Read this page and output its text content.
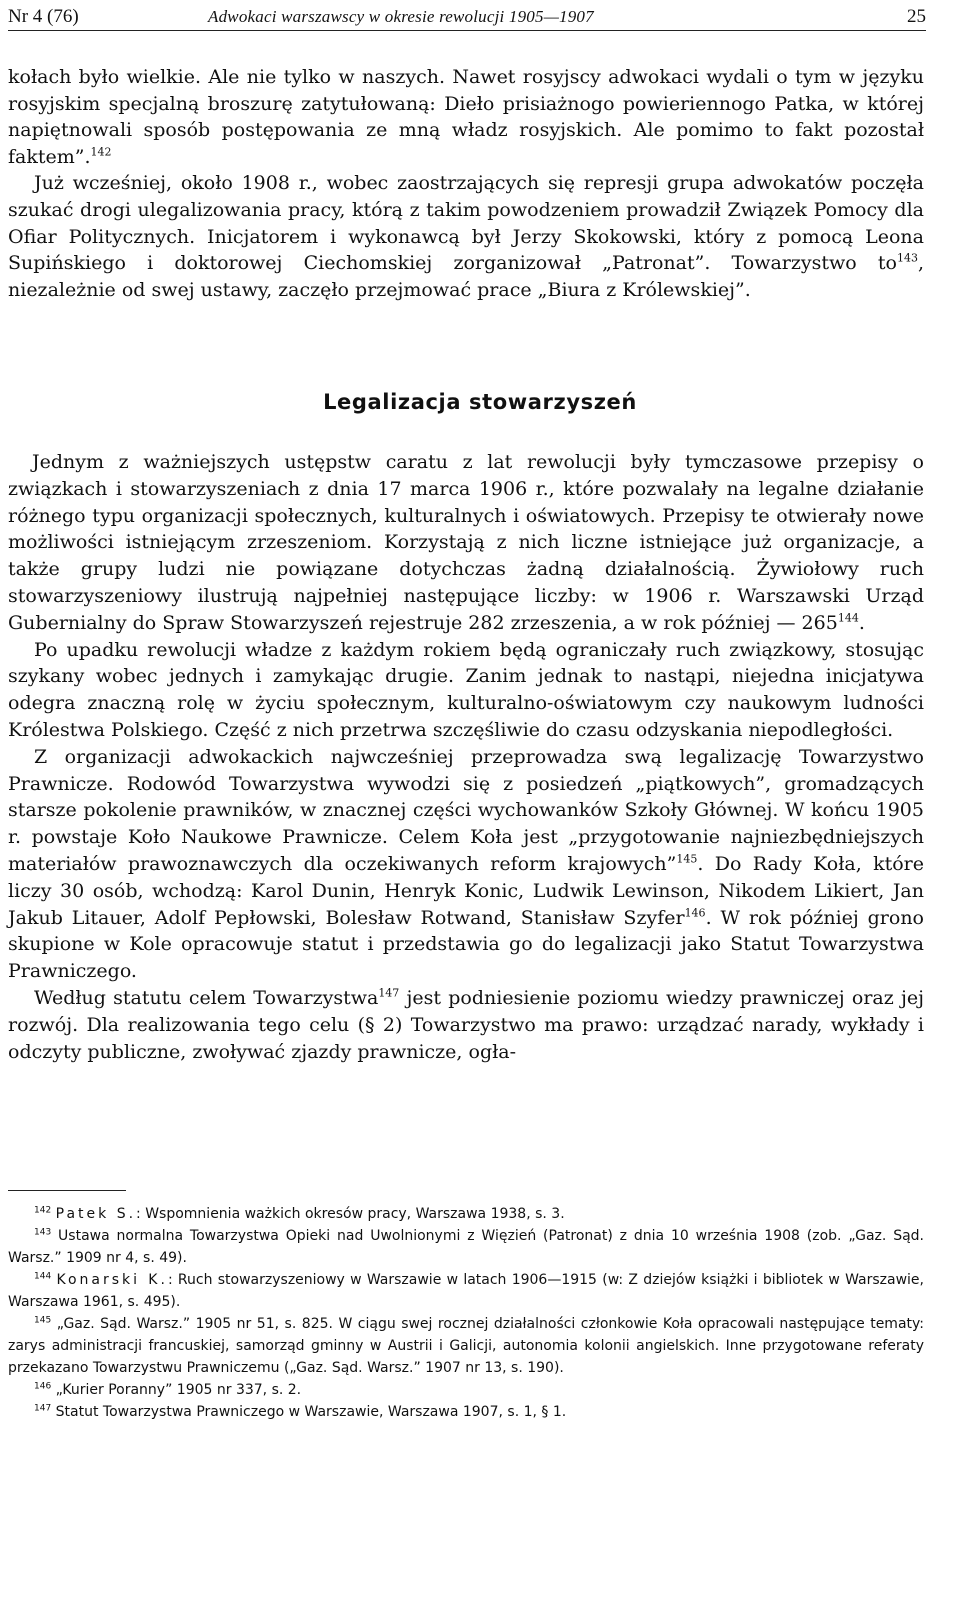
Nr 4 (76)	Adwokaci warszawscy w okresie rewolucji 1905—1907	25

kołach było wielkie. Ale nie tylko w naszych. Nawet rosyjscy adwokaci wydali o tym w języku rosyjskim specjalną broszurę zatytułowaną: Dieło prisiażnogo powieriennogo Patka, w której napiętnowali sposób postępowania ze mną władz rosyjskich. Ale pomimo to fakt pozostał faktem”.$^{142}$

Już wcześniej, około 1908 r., wobec zaostrzających się represji grupa adwokatów poczęła szukać drogi ulegalizowania pracy, którą z takim powodzeniem prowadził Związek Pomocy dla Ofiar Politycznych. Inicjatorem i wykonawcą był Jerzy Skokowski, który z pomocą Leona Supińskiego i doktorowej Ciechomskiej zorganizował „Patronat”. Towarzystwo $to^{143}$, niezależnie od swej ustawy, zaczęło przejmować prace „Biura z Królewskiej”.

Legalizacja stowarzyszeń

Jednym z ważniejszych ustępstw caratu z lat rewolucji były tymczasowe przepisy o związkach i stowarzyszeniach z dnia 17 marca 1906 r., które pozwalały na legalne działanie różnego typu organizacji społecznych, kulturalnych i oświatowych. Przepisy te otwierały nowe możliwości istniejącym zrzeszeniom. Korzystają z nich liczne istniejące już organizacje, a także grupy ludzi nie powiązane dotychczas żadną działalnością. Żywiołowy ruch stowarzyszeniowy ilustrują najpełniej następujące liczby: w 1906 r. Warszawski Urząd Gubernialny do Spraw Stowarzyszeń rejestruje 282 zrzeszenia, a w rok później — $265^{144}$.

Po upadku rewolucji władze z każdym rokiem będą ograniczały ruch związkowy, stosując szykany wobec jednych i zamykając drugie. Zanim jednak to nastąpi, niejedna inicjatywa odegra znaczną rolę w życiu społecznym, kulturalno-oświatowym czy naukowym ludności Królestwa Polskiego. Część z nich przetrwa szczęśliwie do czasu odzyskania niepodległości.

Z organizacji adwokackich najwcześniej przeprowadza swą legalizację Towarzystwo Prawnicze. Rodowód Towarzystwa wywodzi się z posiedzeń „piątkowych”, gromadzących starsze pokolenie prawników, w znacznej części wychowanków Szkoły Głównej. W końcu 1905 r. powstaje Koło Naukowe Prawnicze. Celem Koła jest „przygotowanie najniezbędniejszych materiałów prawoznawczych dla oczekiwanych reform krajowych”$^{145}$. Do Rady Koła, które liczy 30 osób, wchodzą: Karol Dunin, Henryk Konic, Ludwik Lewinson, Nikodem Likiert, Jan Jakub Litauer, Adolf Pepłowski, Bolesław Rotwand, Stanisław Szyfer$^{146}$. W rok później grono skupione w Kole opracowuje statut i przedstawia go do legalizacji jako Statut Towarzystwa Prawniczego.

Według statutu celem Towarzystwa$^{147}$ jest podniesienie poziomu wiedzy prawniczej oraz jej rozwój. Dla realizowania tego celu (§ 2) Towarzystwo ma prawo: urządzać narady, wykłady i odczyty publiczne, zwoływać zjazdy prawnicze, ogła-

$^{142}$ Patek S.: Wspomnienia ważkich okresów pracy, Warszawa 1938, s. 3.

$^{143}$ Ustawa normalna Towarzystwa Opieki nad Uwolnionymi z Więzień (Patronat) z dnia 10 września 1908 (zob. „Gaz. Sąd. Warsz.” 1909 nr 4, s. 49).

$^{144}$ Konarski K.: Ruch stowarzyszeniowy w Warszawie w latach 1906—1915 (w: Z dziejów książki i bibliotek w Warszawie, Warszawa 1961, s. 495).

$^{145}$ „Gaz. Sąd. Warsz.” 1905 nr 51, s. 825. W ciągu swej rocznej działalności członkowie Koła opracowali następujące tematy: zarys administracji francuskiej, samorząd gminny w Austrii i Galicji, autonomia kolonii angielskich. Inne przygotowane referaty przekazano Towarzystwu Prawniczemu („Gaz. Sąd. Warsz.” 1907 nr 13, s. 190).

$^{146}$ „Kurier Poranny” 1905 nr 337, s. 2.

$^{147}$ Statut Towarzystwa Prawniczego w Warszawie, Warszawa 1907, s. 1, § 1.
